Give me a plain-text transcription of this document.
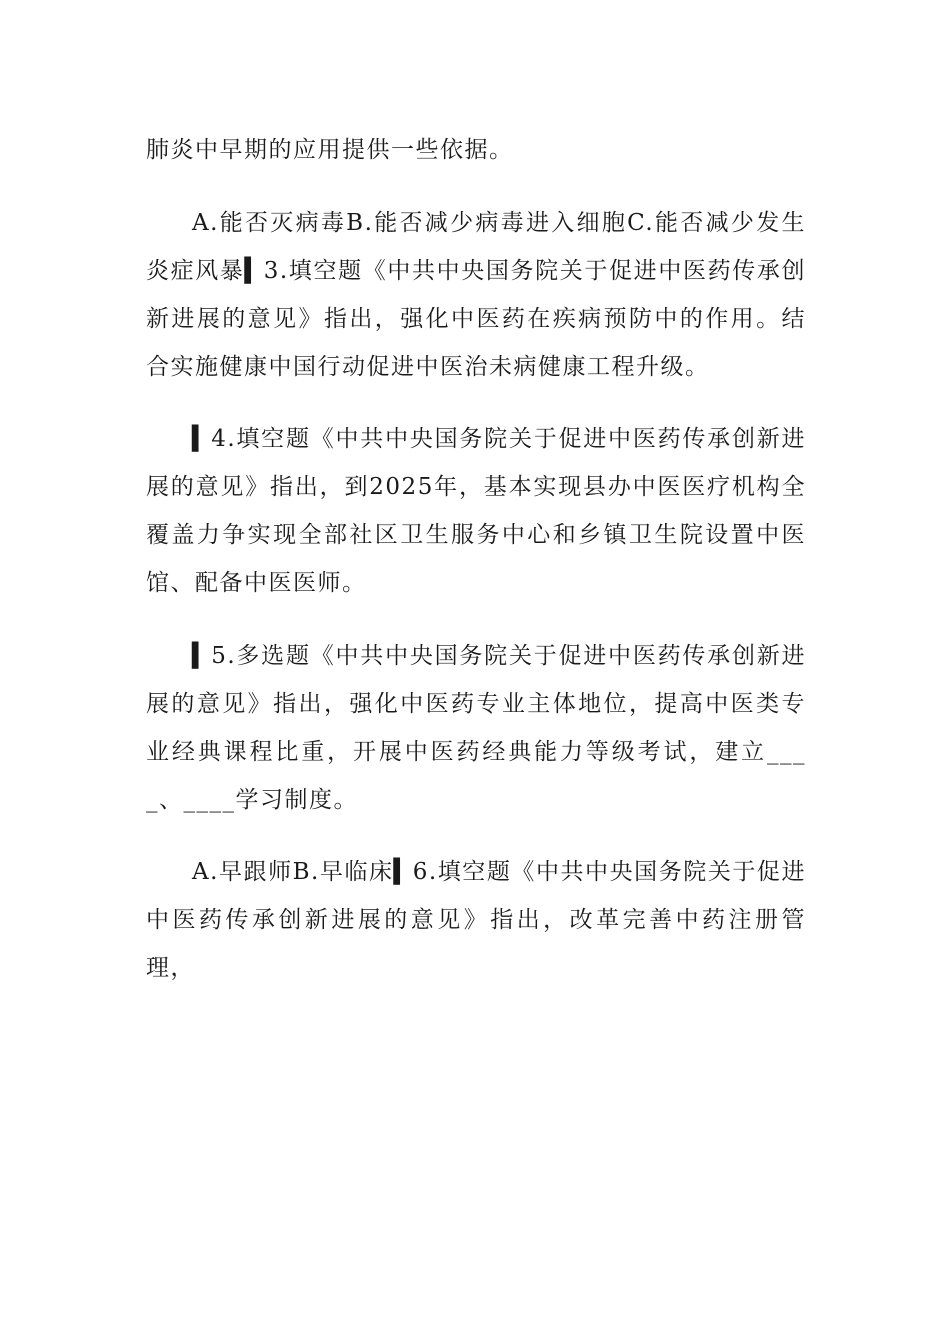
肺炎中早期的应用提供一些依据。

A.能否灭病毒B.能否减少病毒进入细胞C.能否减少发生炎症风暴▍3.填空题《中共中央国务院关于促进中医药传承创新进展的意见》指出，强化中医药在疾病预防中的作用。结合实施健康中国行动促进中医治未病健康工程升级。

▍4.填空题《中共中央国务院关于促进中医药传承创新进展的意见》指出，到2025年，基本实现县办中医医疗机构全覆盖力争实现全部社区卫生服务中心和乡镇卫生院设置中医馆、配备中医医师。

▍5.多选题《中共中央国务院关于促进中医药传承创新进展的意见》指出，强化中医药专业主体地位，提高中医类专业经典课程比重，开展中医药经典能力等级考试，建立____、____学习制度。

A.早跟师B.早临床▍6.填空题《中共中央国务院关于促进中医药传承创新进展的意见》指出，改革完善中药注册管理，
